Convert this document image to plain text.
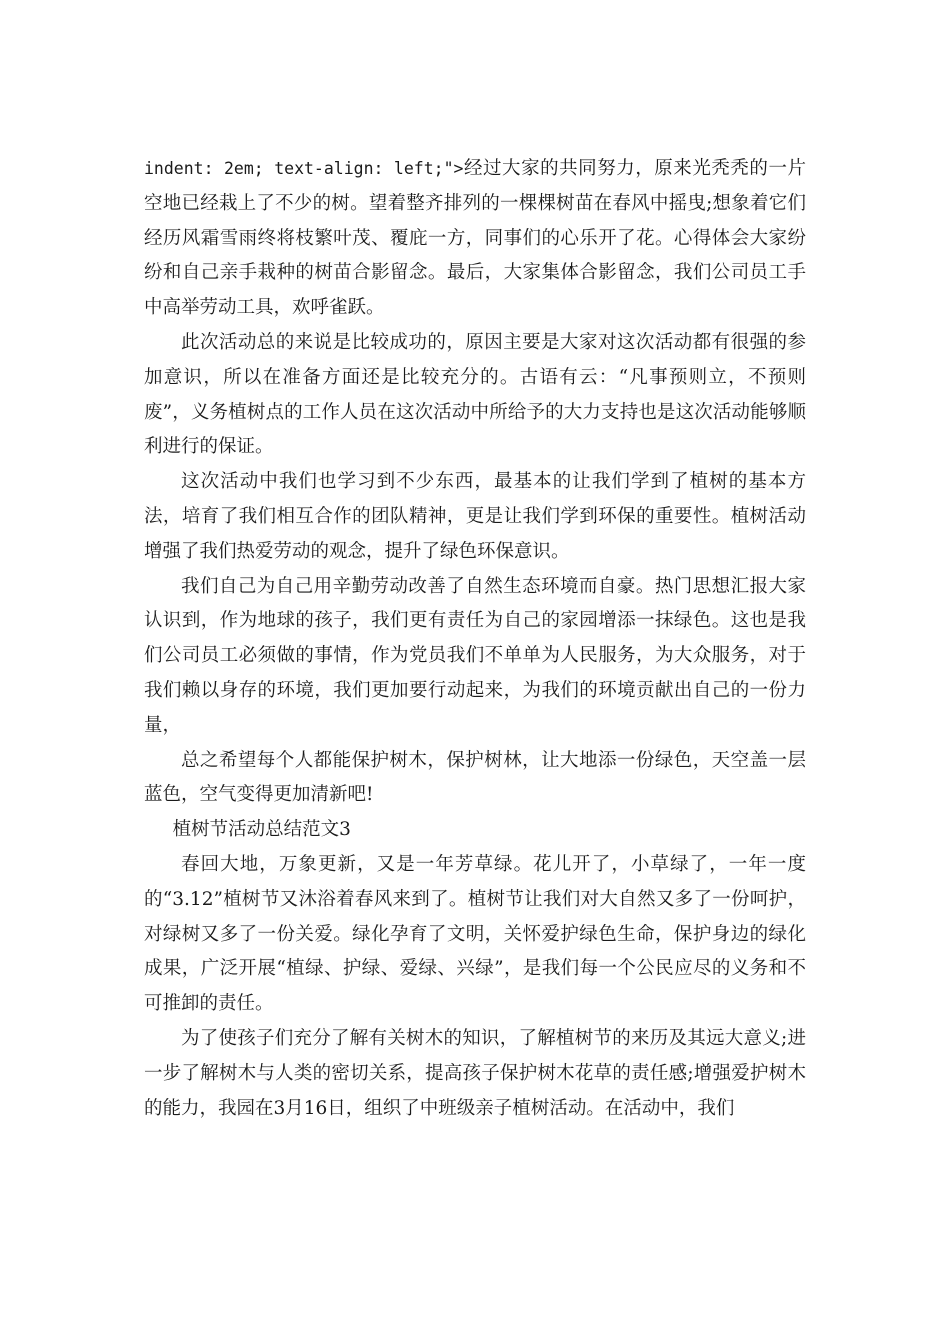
indent: 2em; text-align: left;">经过大家的共同努力，原来光秃秃的一片空地已经栽上了不少的树。望着整齐排列的一棵棵树苗在春风中摇曳;想象着它们经历风霜雪雨终将枝繁叶茂、覆庇一方，同事们的心乐开了花。心得体会大家纷纷和自己亲手栽种的树苗合影留念。最后，大家集体合影留念，我们公司员工手中高举劳动工具，欢呼雀跃。

此次活动总的来说是比较成功的，原因主要是大家对这次活动都有很强的参加意识，所以在准备方面还是比较充分的。古语有云：“凡事预则立，不预则废”，义务植树点的工作人员在这次活动中所给予的大力支持也是这次活动能够顺利进行的保证。

这次活动中我们也学习到不少东西，最基本的让我们学到了植树的基本方法，培育了我们相互合作的团队精神，更是让我们学到环保的重要性。植树活动增强了我们热爱劳动的观念，提升了绿色环保意识。

我们自己为自己用辛勤劳动改善了自然生态环境而自豪。热门思想汇报大家认识到，作为地球的孩子，我们更有责任为自己的家园增添一抹绿色。这也是我们公司员工必须做的事情，作为党员我们不单单为人民服务，为大众服务，对于我们赖以身存的环境，我们更加要行动起来，为我们的环境贡献出自己的一份力量，

总之希望每个人都能保护树木，保护树林，让大地添一份绿色，天空盖一层蓝色，空气变得更加清新吧!

植树节活动总结范文3

春回大地，万象更新，又是一年芳草绿。花儿开了，小草绿了，一年一度的“3.12”植树节又沐浴着春风来到了。植树节让我们对大自然又多了一份呵护，对绿树又多了一份关爱。绿化孕育了文明，关怀爱护绿色生命，保护身边的绿化成果，广泛开展“植绿、护绿、爱绿、兴绿”，是我们每一个公民应尽的义务和不可推卸的责任。

为了使孩子们充分了解有关树木的知识，了解植树节的来历及其远大意义;进一步了解树木与人类的密切关系，提高孩子保护树木花草的责任感;增强爱护树木的能力，我园在3月16日，组织了中班级亲子植树活动。在活动中，我们
